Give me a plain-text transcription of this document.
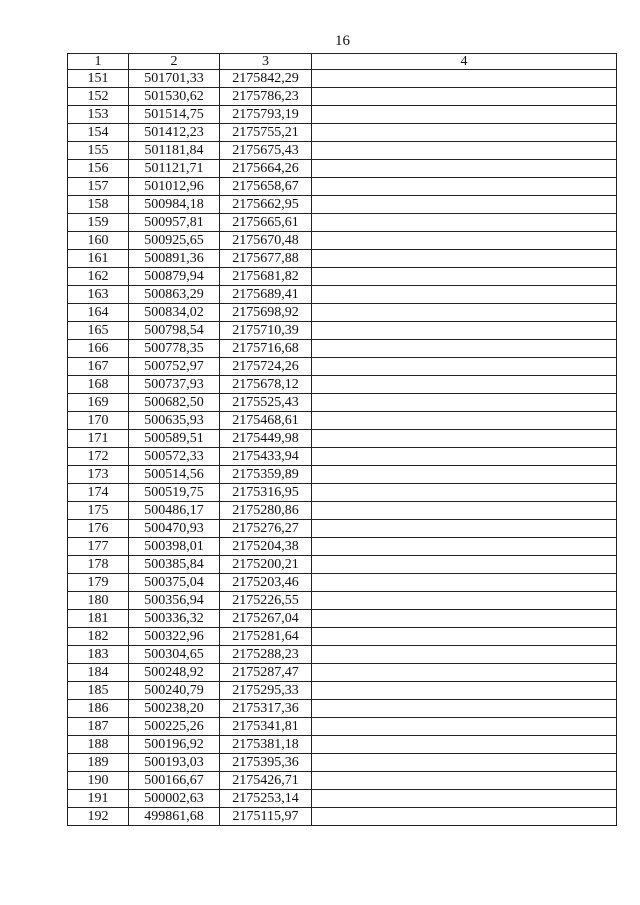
16
1	2	3	4
151	501701,33	2175842,29	
152	501530,62	2175786,23	
153	501514,75	2175793,19	
154	501412,23	2175755,21	
155	501181,84	2175675,43	
156	501121,71	2175664,26	
157	501012,96	2175658,67	
158	500984,18	2175662,95	
159	500957,81	2175665,61	
160	500925,65	2175670,48	
161	500891,36	2175677,88	
162	500879,94	2175681,82	
163	500863,29	2175689,41	
164	500834,02	2175698,92	
165	500798,54	2175710,39	
166	500778,35	2175716,68	
167	500752,97	2175724,26	
168	500737,93	2175678,12	
169	500682,50	2175525,43	
170	500635,93	2175468,61	
171	500589,51	2175449,98	
172	500572,33	2175433,94	
173	500514,56	2175359,89	
174	500519,75	2175316,95	
175	500486,17	2175280,86	
176	500470,93	2175276,27	
177	500398,01	2175204,38	
178	500385,84	2175200,21	
179	500375,04	2175203,46	
180	500356,94	2175226,55	
181	500336,32	2175267,04	
182	500322,96	2175281,64	
183	500304,65	2175288,23	
184	500248,92	2175287,47	
185	500240,79	2175295,33	
186	500238,20	2175317,36	
187	500225,26	2175341,81	
188	500196,92	2175381,18	
189	500193,03	2175395,36	
190	500166,67	2175426,71	
191	500002,63	2175253,14	
192	499861,68	2175115,97	
